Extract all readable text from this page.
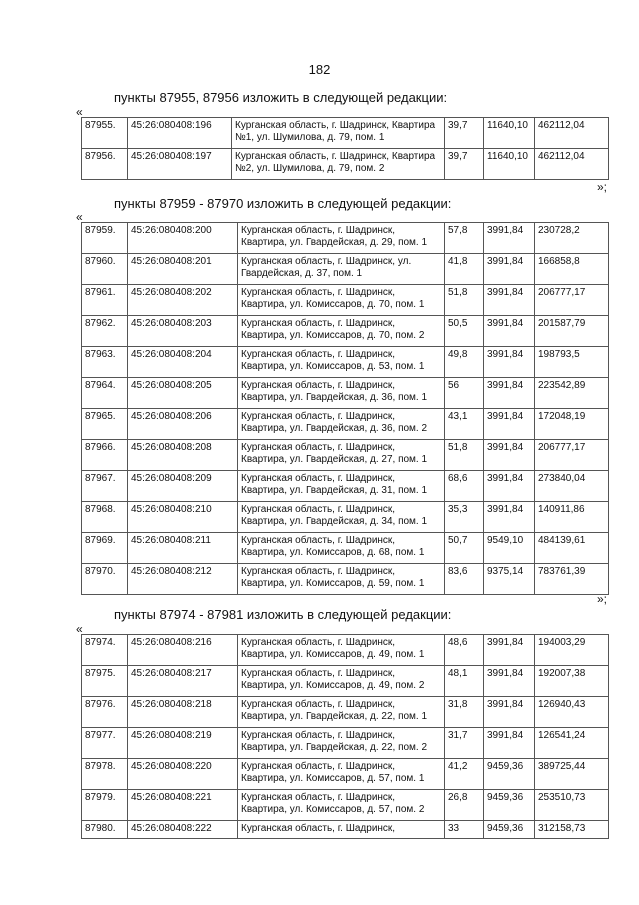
182
пункты 87955, 87956 изложить в следующей редакции:
«
87955.	45:26:080408:196	Курганская область, г. Шадринск, Квартира №1, ул. Шумилова, д. 79, пом. 1	39,7	11640,10	462112,04
87956.	45:26:080408:197	Курганская область, г. Шадринск, Квартира №2, ул. Шумилова, д. 79, пом. 2	39,7	11640,10	462112,04
»;
пункты 87959 - 87970 изложить в следующей редакции:
«
87959.	45:26:080408:200	Курганская область, г. Шадринск, Квартира, ул. Гвардейская, д. 29, пом. 1	57,8	3991,84	230728,2
87960.	45:26:080408:201	Курганская область, г. Шадринск, ул. Гвардейская, д. 37, пом. 1	41,8	3991,84	166858,8
87961.	45:26:080408:202	Курганская область, г. Шадринск, Квартира, ул. Комиссаров, д. 70, пом. 1	51,8	3991,84	206777,17
87962.	45:26:080408:203	Курганская область, г. Шадринск, Квартира, ул. Комиссаров, д. 70, пом. 2	50,5	3991,84	201587,79
87963.	45:26:080408:204	Курганская область, г. Шадринск, Квартира, ул. Комиссаров, д. 53, пом. 1	49,8	3991,84	198793,5
87964.	45:26:080408:205	Курганская область, г. Шадринск, Квартира, ул. Гвардейская, д. 36, пом. 1	56	3991,84	223542,89
87965.	45:26:080408:206	Курганская область, г. Шадринск, Квартира, ул. Гвардейская, д. 36, пом. 2	43,1	3991,84	172048,19
87966.	45:26:080408:208	Курганская область, г. Шадринск, Квартира, ул. Гвардейская, д. 27, пом. 1	51,8	3991,84	206777,17
87967.	45:26:080408:209	Курганская область, г. Шадринск, Квартира, ул. Гвардейская, д. 31, пом. 1	68,6	3991,84	273840,04
87968.	45:26:080408:210	Курганская область, г. Шадринск, Квартира, ул. Гвардейская, д. 34, пом. 1	35,3	3991,84	140911,86
87969.	45:26:080408:211	Курганская область, г. Шадринск, Квартира, ул. Комиссаров, д. 68, пом. 1	50,7	9549,10	484139,61
87970.	45:26:080408:212	Курганская область, г. Шадринск, Квартира, ул. Комиссаров, д. 59, пом. 1	83,6	9375,14	783761,39
»;
пункты 87974 - 87981 изложить в следующей редакции:
«
87974.	45:26:080408:216	Курганская область, г. Шадринск, Квартира, ул. Комиссаров, д. 49, пом. 1	48,6	3991,84	194003,29
87975.	45:26:080408:217	Курганская область, г. Шадринск, Квартира, ул. Комиссаров, д. 49, пом. 2	48,1	3991,84	192007,38
87976.	45:26:080408:218	Курганская область, г. Шадринск, Квартира, ул. Гвардейская, д. 22, пом. 1	31,8	3991,84	126940,43
87977.	45:26:080408:219	Курганская область, г. Шадринск, Квартира, ул. Гвардейская, д. 22, пом. 2	31,7	3991,84	126541,24
87978.	45:26:080408:220	Курганская область, г. Шадринск, Квартира, ул. Комиссаров, д. 57, пом. 1	41,2	9459,36	389725,44
87979.	45:26:080408:221	Курганская область, г. Шадринск, Квартира, ул. Комиссаров, д. 57, пом. 2	26,8	9459,36	253510,73
87980.	45:26:080408:222	Курганская область, г. Шадринск,	33	9459,36	312158,73
